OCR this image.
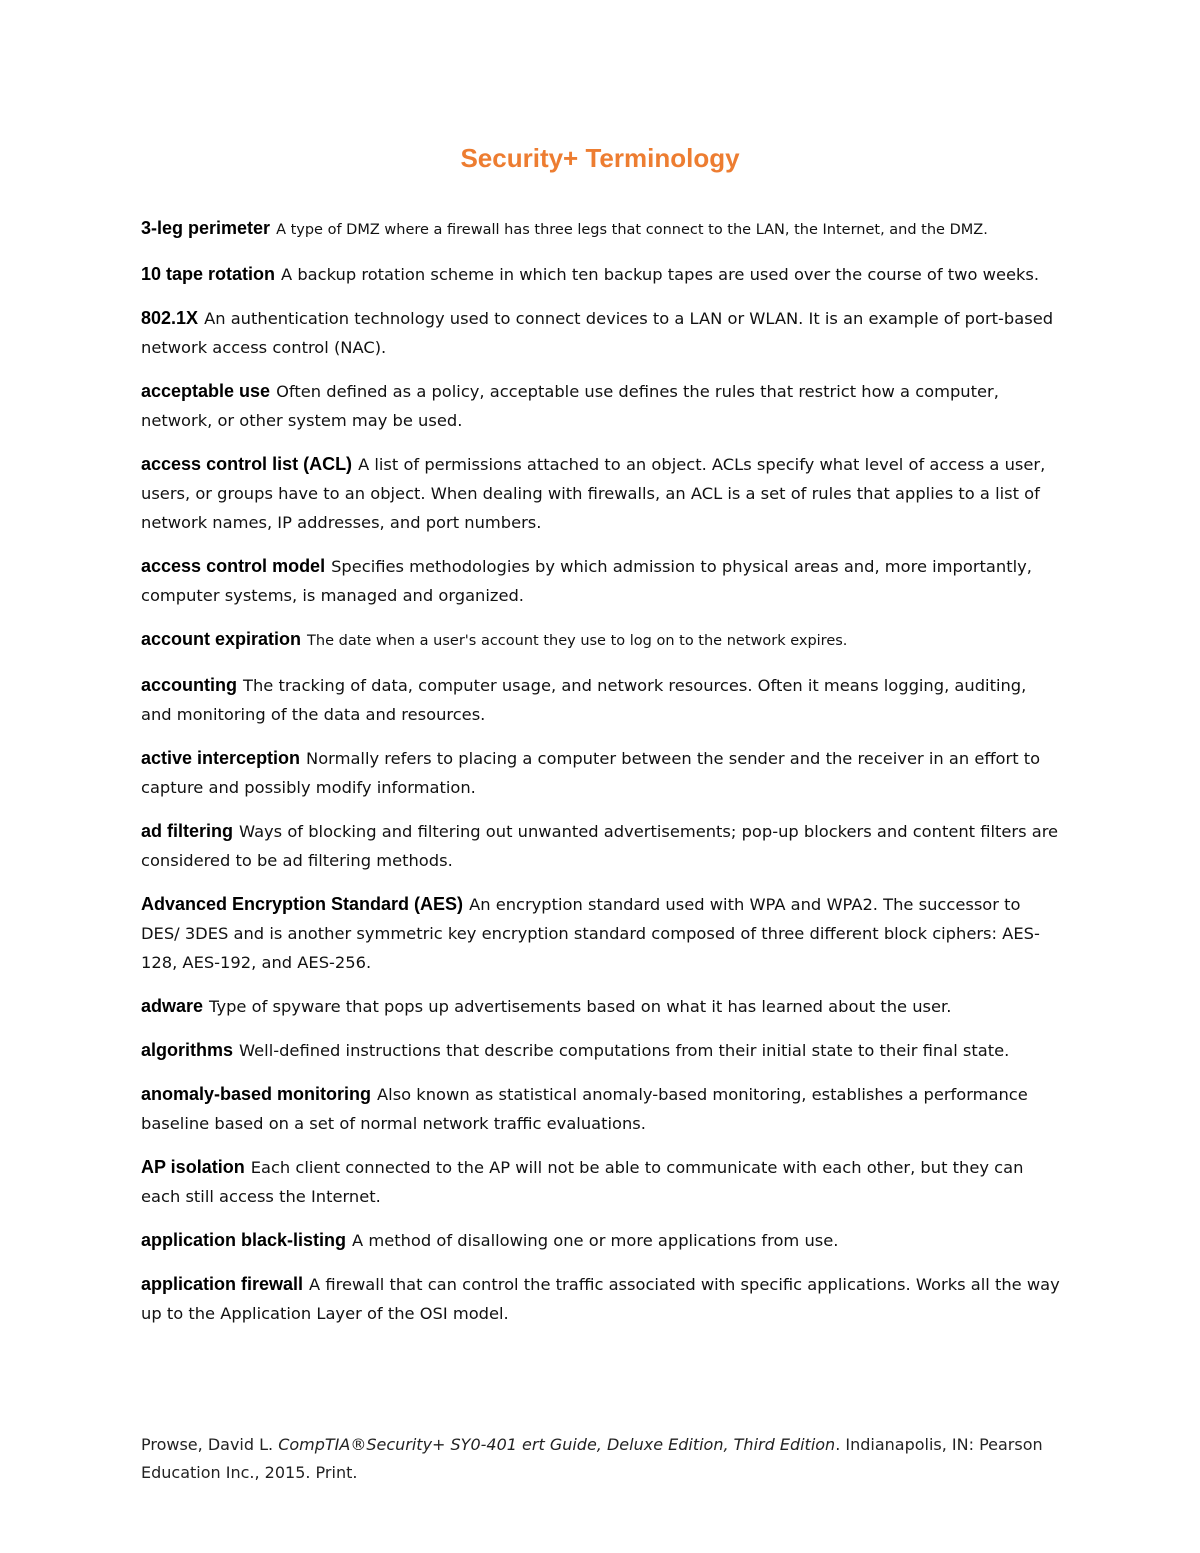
Security+ Terminology

3-leg perimeter A type of DMZ where a firewall has three legs that connect to the LAN, the Internet, and the DMZ.

10 tape rotation A backup rotation scheme in which ten backup tapes are used over the course of two weeks.

802.1X An authentication technology used to connect devices to a LAN or WLAN. It is an example of port-based network access control (NAC).

acceptable use Often defined as a policy, acceptable use defines the rules that restrict how a computer, network, or other system may be used.

access control list (ACL) A list of permissions attached to an object. ACLs specify what level of access a user, users, or groups have to an object. When dealing with firewalls, an ACL is a set of rules that applies to a list of network names, IP addresses, and port numbers.

access control model Specifies methodologies by which admission to physical areas and, more importantly, computer systems, is managed and organized.

account expiration The date when a user's account they use to log on to the network expires.

accounting The tracking of data, computer usage, and network resources. Often it means logging, auditing, and monitoring of the data and resources.

active interception Normally refers to placing a computer between the sender and the receiver in an effort to capture and possibly modify information.

ad filtering Ways of blocking and filtering out unwanted advertisements; pop-up blockers and content filters are considered to be ad filtering methods.

Advanced Encryption Standard (AES) An encryption standard used with WPA and WPA2. The successor to DES/ 3DES and is another symmetric key encryption standard composed of three different block ciphers: AES-128, AES-192, and AES-256.

adware Type of spyware that pops up advertisements based on what it has learned about the user.

algorithms Well-defined instructions that describe computations from their initial state to their final state.

anomaly-based monitoring Also known as statistical anomaly-based monitoring, establishes a performance baseline based on a set of normal network traffic evaluations.

AP isolation Each client connected to the AP will not be able to communicate with each other, but they can each still access the Internet.

application black-listing A method of disallowing one or more applications from use.

application firewall A firewall that can control the traffic associated with specific applications. Works all the way up to the Application Layer of the OSI model.

Prowse, David L. CompTIA®Security+ SY0-401 ert Guide, Deluxe Edition, Third Edition. Indianapolis, IN: Pearson Education Inc., 2015. Print.
